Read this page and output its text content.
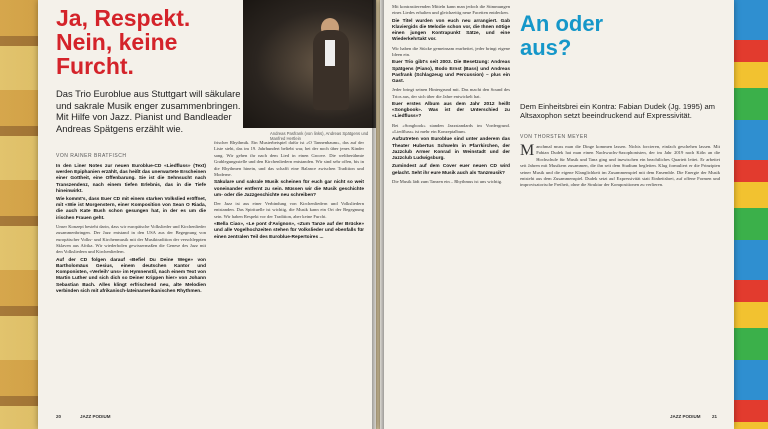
Ja, Respekt. Nein, keine Furcht.
Das Trio Euroblue aus Stuttgart will säkulare und sakrale Musik enger zusammenbringen. Mit Hilfe von Jazz. Pianist und Bandleader Andreas Spätgens erzählt wie.
VON RAINER BRATFISCH
Andreas Pasfrank (von links), Andreas Spätgens und Manfred Hertlein
In den Liner Notes zur neuen Euroblue-CD «Liedfluss» (Text) werden Epiphanien erzählt, das heißt das unerwartete Erscheinen einer Gottheit, eine Offenbarung. Sie ist die Sehnsucht nach Transzendenz, nach einem tiefen Erlebnis, das in die Tiefe hineinwirkt.
Wie kommt's, dass Euer CD mit einem starken Volkslied eröffnet, mit «Wie ist Morgenstern, einer Komposition von Sean O Riada, die auch Kate Bush schon gesungen hat, in der es um die irischen Frauen geht.
Unser Konzept besteht darin, dass wir europäische Volkslieder und Kirchenlieder zusammenbringen. Der Jazz entstand in den USA aus der Begegnung von europäischer Volks- und Kirchenmusik mit der Musiktradition der verschleppten Sklaven aus Afrika. Wir wiederholen gewissermaßen die Genese des Jazz mit den Volksliedern und Kirchenliedern.
Auf der CD folgen darauf «Befiel Du Deine Wege» von Bartholomäus Gesius, einem deutschen Kantor und Komponisten, «Verleih' uns» im Hymnenstil, nach einem Text von Martin Luther und sich dich so Deiner Krippen hier» von Johann Sebastian Bach. Alles klingt erfrischend neu, alte Melodien verbinden sich mit afrikanisch-lateinamerikanischen Rhythmen.
frischer Rhythmik. Ein Musterbeispiel dafür ist «O Tannenbaum», das auf der Liste steht, das im 19. Jahrhundert beliebt war, bei der noch über jenes Kinder sang. Wir gehen ihr nach dem Lied in einen Groove. Die weltberühmte Grablegungsstelle und den Kirchenliedern entstanden. Wir sind sehr offen, bis in die Rhythmen hinein, und das schafft eine Balance zwischen Tradition und Moderne.
Säkulare und sakrale Musik scheinen für euch gar nicht so weit voneinander entfernt zu sein. Müssen wir die Musik geschichte um- oder die Jazzgeschichte neu schreiben?
Der Jazz ist aus einer Verbindung von Kirchenliedern und Volksliedern entstanden. Das Spirituelle ist wichtig, die Musik kann ein Ort der Begegnung sein. Wir haben Respekt vor der Tradition, aber keine Furcht.
«Bella Ciao», «Le pont d'Avignon», «Zum Tanze auf der Brücke» und alle Vogelhochzeiten stehen für Volkslieder und ebenfalls für einen zentralen Teil des Euroblue-Repertoires ...
20	JAZZ PODIUM
Mit kontrastierenden Mitteln kann man jedoch die Stimmungen eines Liedes erhalten und gleichzeitig neue Facetten entdecken.
Die Titel wurden von euch neu arrangiert. Gab Klaviergids die Melodie schon vor, die Ihnen nötige einen jungen Kontrapunkt Sätze, und eine Wiederkehrtakt vor.
Wir haben die Stücke gemeinsam erarbeitet, jeder bringt eigene Ideen ein.
Euer Trio gibt's seit 2003. Die Besetzung: Andreas Spätgens (Piano), Bodo Ernst (Bass) und Andreas Pasfrank (Schlagzeug und Percussion) – plus ein Gast.
Jeder bringt seinen Hintergrund mit. Das macht den Sound des Trios aus, der sich über die Jahre entwickelt hat.
Euer erstes Album aus dem Jahr 2012 heißt «Songbook». Was ist der Unterschied zu «Liedfluss»?
Bei «Songbook» standen Jazzstandards im Vordergrund. «Liedfluss» ist mehr ein Konzeptalbum.
Aufzutreten von Euroblue sind unter anderem das Theater Hubertus Schwelm in Pfarrkirchen, der Jazzclub Armer Konrad in Weinstadt und der Jazzclub Ludwigsburg.
Zumindest auf dem Cover euer neuen CD wird gelacht. Seht ihr eure Musik auch als Tanzmusik?
Die Musik lädt zum Tanzen ein – Rhythmus ist uns wichtig.
An oder aus?
Dem Einheitsbrei ein Kontra: Fabian Dudek (Jg. 1995) am Altsaxophon setzt beeindruckend auf Expressivität.
VON THORSTEN MEYER
M anchmal muss man die Dinge kommen lassen. Nichts forcieren, einfach geschehen lassen. Mit Fabian Dudek hat man einen Nachwuchs-Saxophonisten, der im Jahr 2019 nach Köln an die Hochschule für Musik und Tanz ging und inzwischen ein beachtliches Quartett leitet. Er arbeitet seit Jahren mit Musikern zusammen, die ihn seit dem Studium begleiten. Klug formuliert er die Prinzipien seiner Musik und die eigene Klanglichkeit im Zusammenspiel mit dem Ensemble. Die Energie der Musik entsteht aus dem Zusammenspiel. Dudek setzt auf Expressivität statt Einheitsbrei, auf offene Formen und improvisatorische Freiheit, ohne die Struktur der Kompositionen zu verlieren.
JAZZ PODIUM	21
